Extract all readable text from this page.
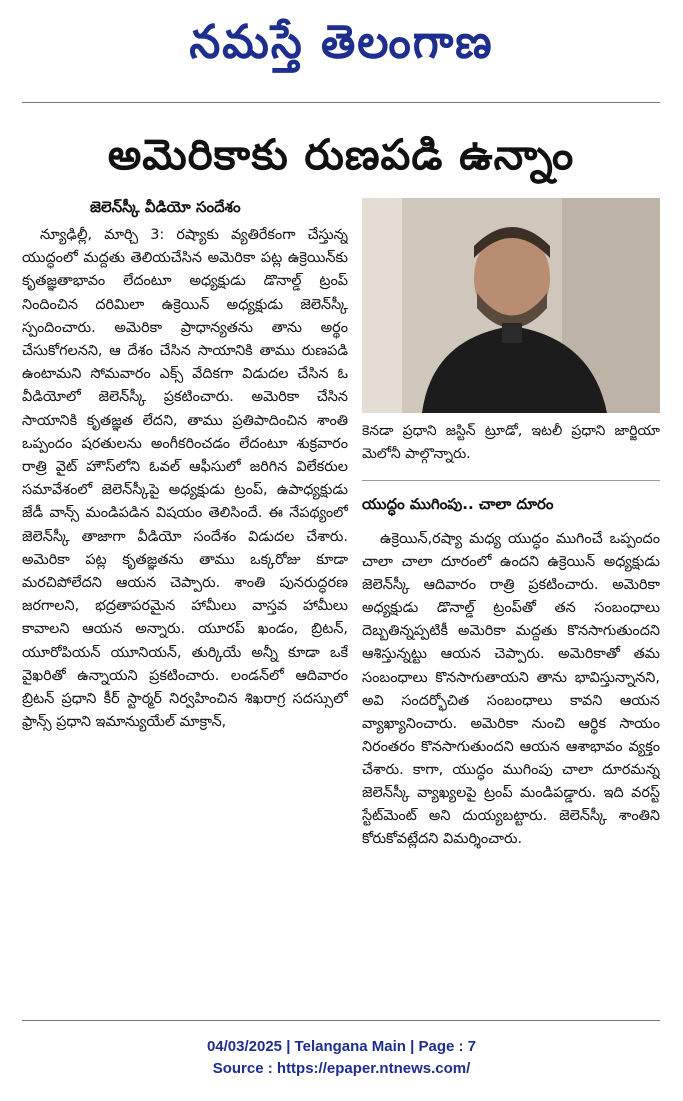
నమస్తే తెలంగాణ
అమెరికాకు రుణపడి ఉన్నాం
జెలెన్‌స్కీ వీడియో సందేశం

న్యూఢిల్లీ, మార్చి 3: రష్యాకు వ్యతిరేకంగా చేస్తున్న యుద్ధంలో మద్దతు తెలియచేసిన అమెరికా పట్ల ఉక్రెయిన్‌కు కృతజ్ఞతాభావం లేదంటూ అధ్యక్షుడు డొనాల్డ్ ట్రంప్ నిందించిన దరిమిలా ఉక్రెయిన్ అధ్యక్షుడు జెలెన్‌స్కీ స్పందించారు. అమెరికా ప్రాధాన్యతను తాను అర్థం చేసుకోగలనని, ఆ దేశం చేసిన సాయానికి తాము రుణపడి ఉంటామని సోమవారం ఎక్స్ వేదికగా విడుదల చేసిన ఓ వీడియోలో జెలెన్‌స్కీ ప్రకటించారు. అమెరికా చేసిన సాయానికి కృతజ్ఞత లేదని, తాము ప్రతిపాదించిన శాంతి ఒప్పందం షరతులను అంగీకరించడం లేదంటూ శుక్రవారం రాత్రి వైట్ హౌస్‌లోని ఓవల్ ఆఫీసులో జరిగిన విలేకరుల సమావేశంలో జెలెన్‌స్కీపై అధ్యక్షుడు ట్రంప్, ఉపాధ్యక్షుడు జేడీ వాన్స్ మండిపడిన విషయం తెలిసిందే. ఈ నేపథ్యంలో జెలెన్‌స్కీ తాజాగా వీడియో సందేశం విడుదల చేశారు. అమెరికా పట్ల కృతజ్ఞతను తాము ఒక్కరోజు కూడా మరచిపోలేదని ఆయన చెప్పారు. శాంతి పునరుద్ధరణ జరగాలని, భద్రతాపరమైన హామీలు వాస్తవ హామీలు కావాలని ఆయన అన్నారు. యూరప్ ఖండం, బ్రిటన్, యూరోపియన్ యూనియన్, తుర్కియే అన్నీ కూడా ఒకే వైఖరితో ఉన్నాయని ప్రకటించారు. లండన్‌లో ఆదివారం బ్రిటన్ ప్రధాని కీర్ స్టార్మర్ నిర్వహించిన శిఖరాగ్ర సదస్సులో ఫ్రాన్స్ ప్రధాని ఇమాన్యుయేల్ మాక్రాన్,

కెనడా ప్రధాని జస్టిన్ ట్రూడో, ఇటలీ ప్రధాని జార్జియా మెలోనీ పాల్గొన్నారు.
యుద్ధం ముగింపు.. చాలా దూరం

ఉక్రెయిన్,రష్యా మధ్య యుద్ధం ముగించే ఒప్పందం చాలా చాలా దూరంలో ఉందని ఉక్రెయిన్ అధ్యక్షుడు జెలెన్‌స్కీ ఆదివారం రాత్రి ప్రకటించారు. అమెరికా అధ్యక్షుడు డొనాల్డ్ ట్రంప్‌తో తన సంబంధాలు దెబ్బతిన్నప్పటికీ అమెరికా మద్దతు కొనసాగుతుందని ఆశిస్తున్నట్టు ఆయన చెప్పారు. అమెరికాతో తమ సంబంధాలు కొనసాగుతాయని తాను భావిస్తున్నానని, అవి సందర్భోచిత సంబంధాలు కావని ఆయన వ్యాఖ్యానించారు. అమెరికా నుంచి ఆర్థిక సాయం నిరంతరం కొనసాగుతుందని ఆయన ఆశాభావం వ్యక్తం చేశారు. కాగా, యుద్ధం ముగింపు చాలా దూరమన్న జెలెన్‌స్కీ వ్యాఖ్యలపై ట్రంప్ మండిపడ్డారు. ఇది వరస్ట్ స్టేట్‌మెంట్ అని దుయ్యబట్టారు. జెలెన్‌స్కీ శాంతిని కోరుకోవట్లేదని విమర్శించారు.

04/03/2025 | Telangana Main | Page : 7
Source : https://epaper.ntnews.com/
